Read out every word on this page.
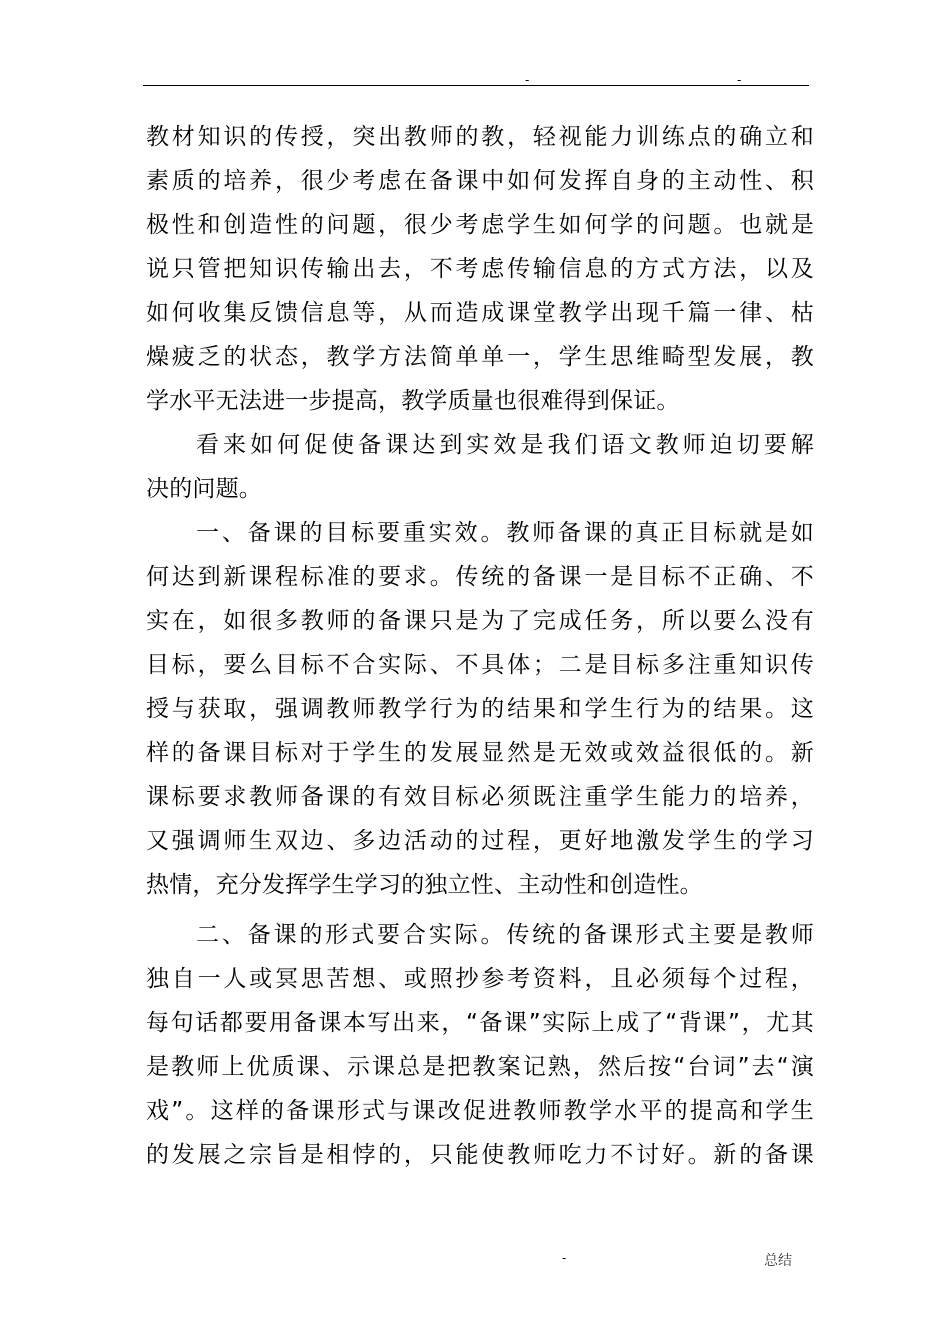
-	-
教材知识的传授，突出教师的教，轻视能力训练点的确立和
素质的培养，很少考虑在备课中如何发挥自身的主动性、积
极性和创造性的问题，很少考虑学生如何学的问题。也就是
说只管把知识传输出去，不考虑传输信息的方式方法，以及
如何收集反馈信息等，从而造成课堂教学出现千篇一律、枯
燥疲乏的状态，教学方法简单单一，学生思维畸型发展，教
学水平无法进一步提高，教学质量也很难得到保证。
看来如何促使备课达到实效是我们语文教师迫切要解
决的问题。
一、备课的目标要重实效。教师备课的真正目标就是如
何达到新课程标准的要求。传统的备课一是目标不正确、不
实在，如很多教师的备课只是为了完成任务，所以要么没有
目标，要么目标不合实际、不具体；二是目标多注重知识传
授与获取，强调教师教学行为的结果和学生行为的结果。这
样的备课目标对于学生的发展显然是无效或效益很低的。新
课标要求教师备课的有效目标必须既注重学生能力的培养，
又强调师生双边、多边活动的过程，更好地激发学生的学习
热情，充分发挥学生学习的独立性、主动性和创造性。
二、备课的形式要合实际。传统的备课形式主要是教师
独自一人或冥思苦想、或照抄参考资料，且必须每个过程，
每句话都要用备课本写出来，“备课”实际上成了“背课”，尤其
是教师上优质课、示课总是把教案记熟，然后按“台词”去“演
戏”。这样的备课形式与课改促进教师教学水平的提高和学生
的发展之宗旨是相悖的，只能使教师吃力不讨好。新的备课
-	总结
